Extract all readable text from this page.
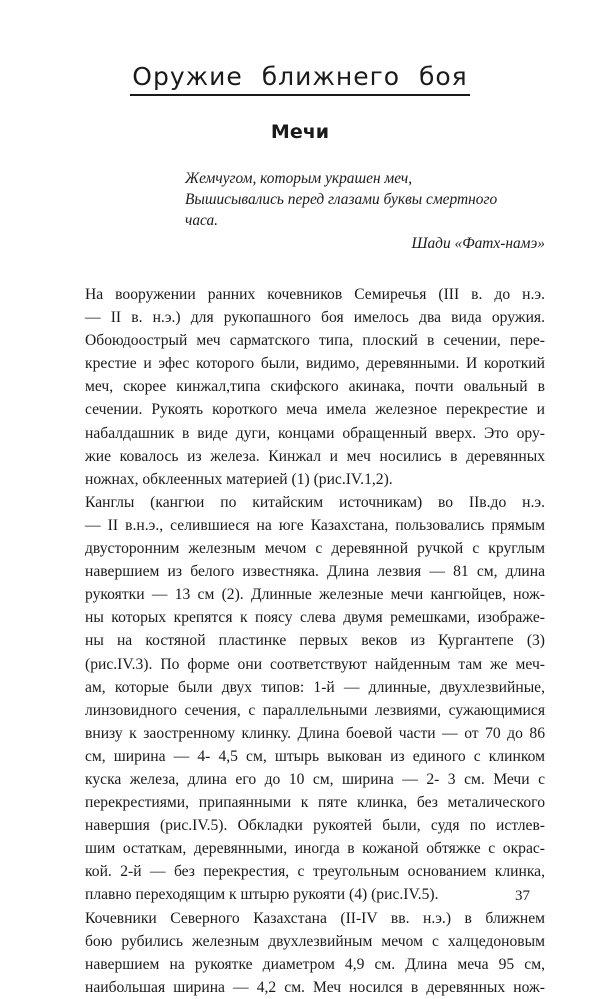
Оружие ближнего боя
Мечи
Жемчугом, которым украшен меч,
Вышисывались перед глазами буквы смертного
часа.
Шади «Фатх-намэ»

На вооружении ранних кочевников Семиречья (III в. до н.э.
— II в. н.э.) для рукопашного боя имелось два вида оружия.
Обоюдоострый меч сарматского типа, плоский в сечении, пере-
крестие и эфес которого были, видимо, деревянными. И короткий
меч, скорее кинжал,типа скифского акинака, почти овальный в
сечении. Рукоять короткого меча имела железное перекрестие и
набалдашник в виде дуги, концами обращенный вверх. Это ору-
жие ковалось из железа. Кинжал и меч носились в деревянных
ножнах, обклеенных материей (1) (рис.IV.1,2).

Канглы (кангюи по китайским источникам) во IIв.до н.э.
— II в.н.э., селившиеся на юге Казахстана, пользовались прямым
двусторонним железным мечом с деревянной ручкой с круглым
навершием из белого известняка. Длина лезвия — 81 см, длина
рукоятки — 13 см (2). Длинные железные мечи кангюйцев, нож-
ны которых крепятся к поясу слева двумя ремешками, изображе-
ны на костяной пластинке первых веков из Кургантепе (3)
(рис.IV.3). По форме они соответствуют найденным там же меч-
ам, которые были двух типов: 1-й — длинные, двухлезвийные,
линзовидного сечения, с параллельными лезвиями, сужающимися
внизу к заостренному клинку. Длина боевой части — от 70 до 86
см, ширина — 4- 4,5 см, штырь выкован из единого с клинком
куска железа, длина его до 10 см, ширина — 2- 3 см. Мечи с
перекрестиями, припаянными к пяте клинка, без металического
навершия (рис.IV.5). Обкладки рукоятей были, судя по истлев-
шим остаткам, деревянными, иногда в кожаной обтяжке с окрас-
кой. 2-й — без перекрестия, с треугольным основанием клинка,
плавно переходящим к штырю рукояти (4) (рис.IV.5).

Кочевники Северного Казахстана (II-IV вв. н.э.) в ближнем
бою рубились железным двухлезвийным мечом с халцедоновым
навершием на рукоятке диаметром 4,9 см. Длина меча 95 см,
наибольшая ширина — 4,2 см. Меч носился в деревянных нож-

37
